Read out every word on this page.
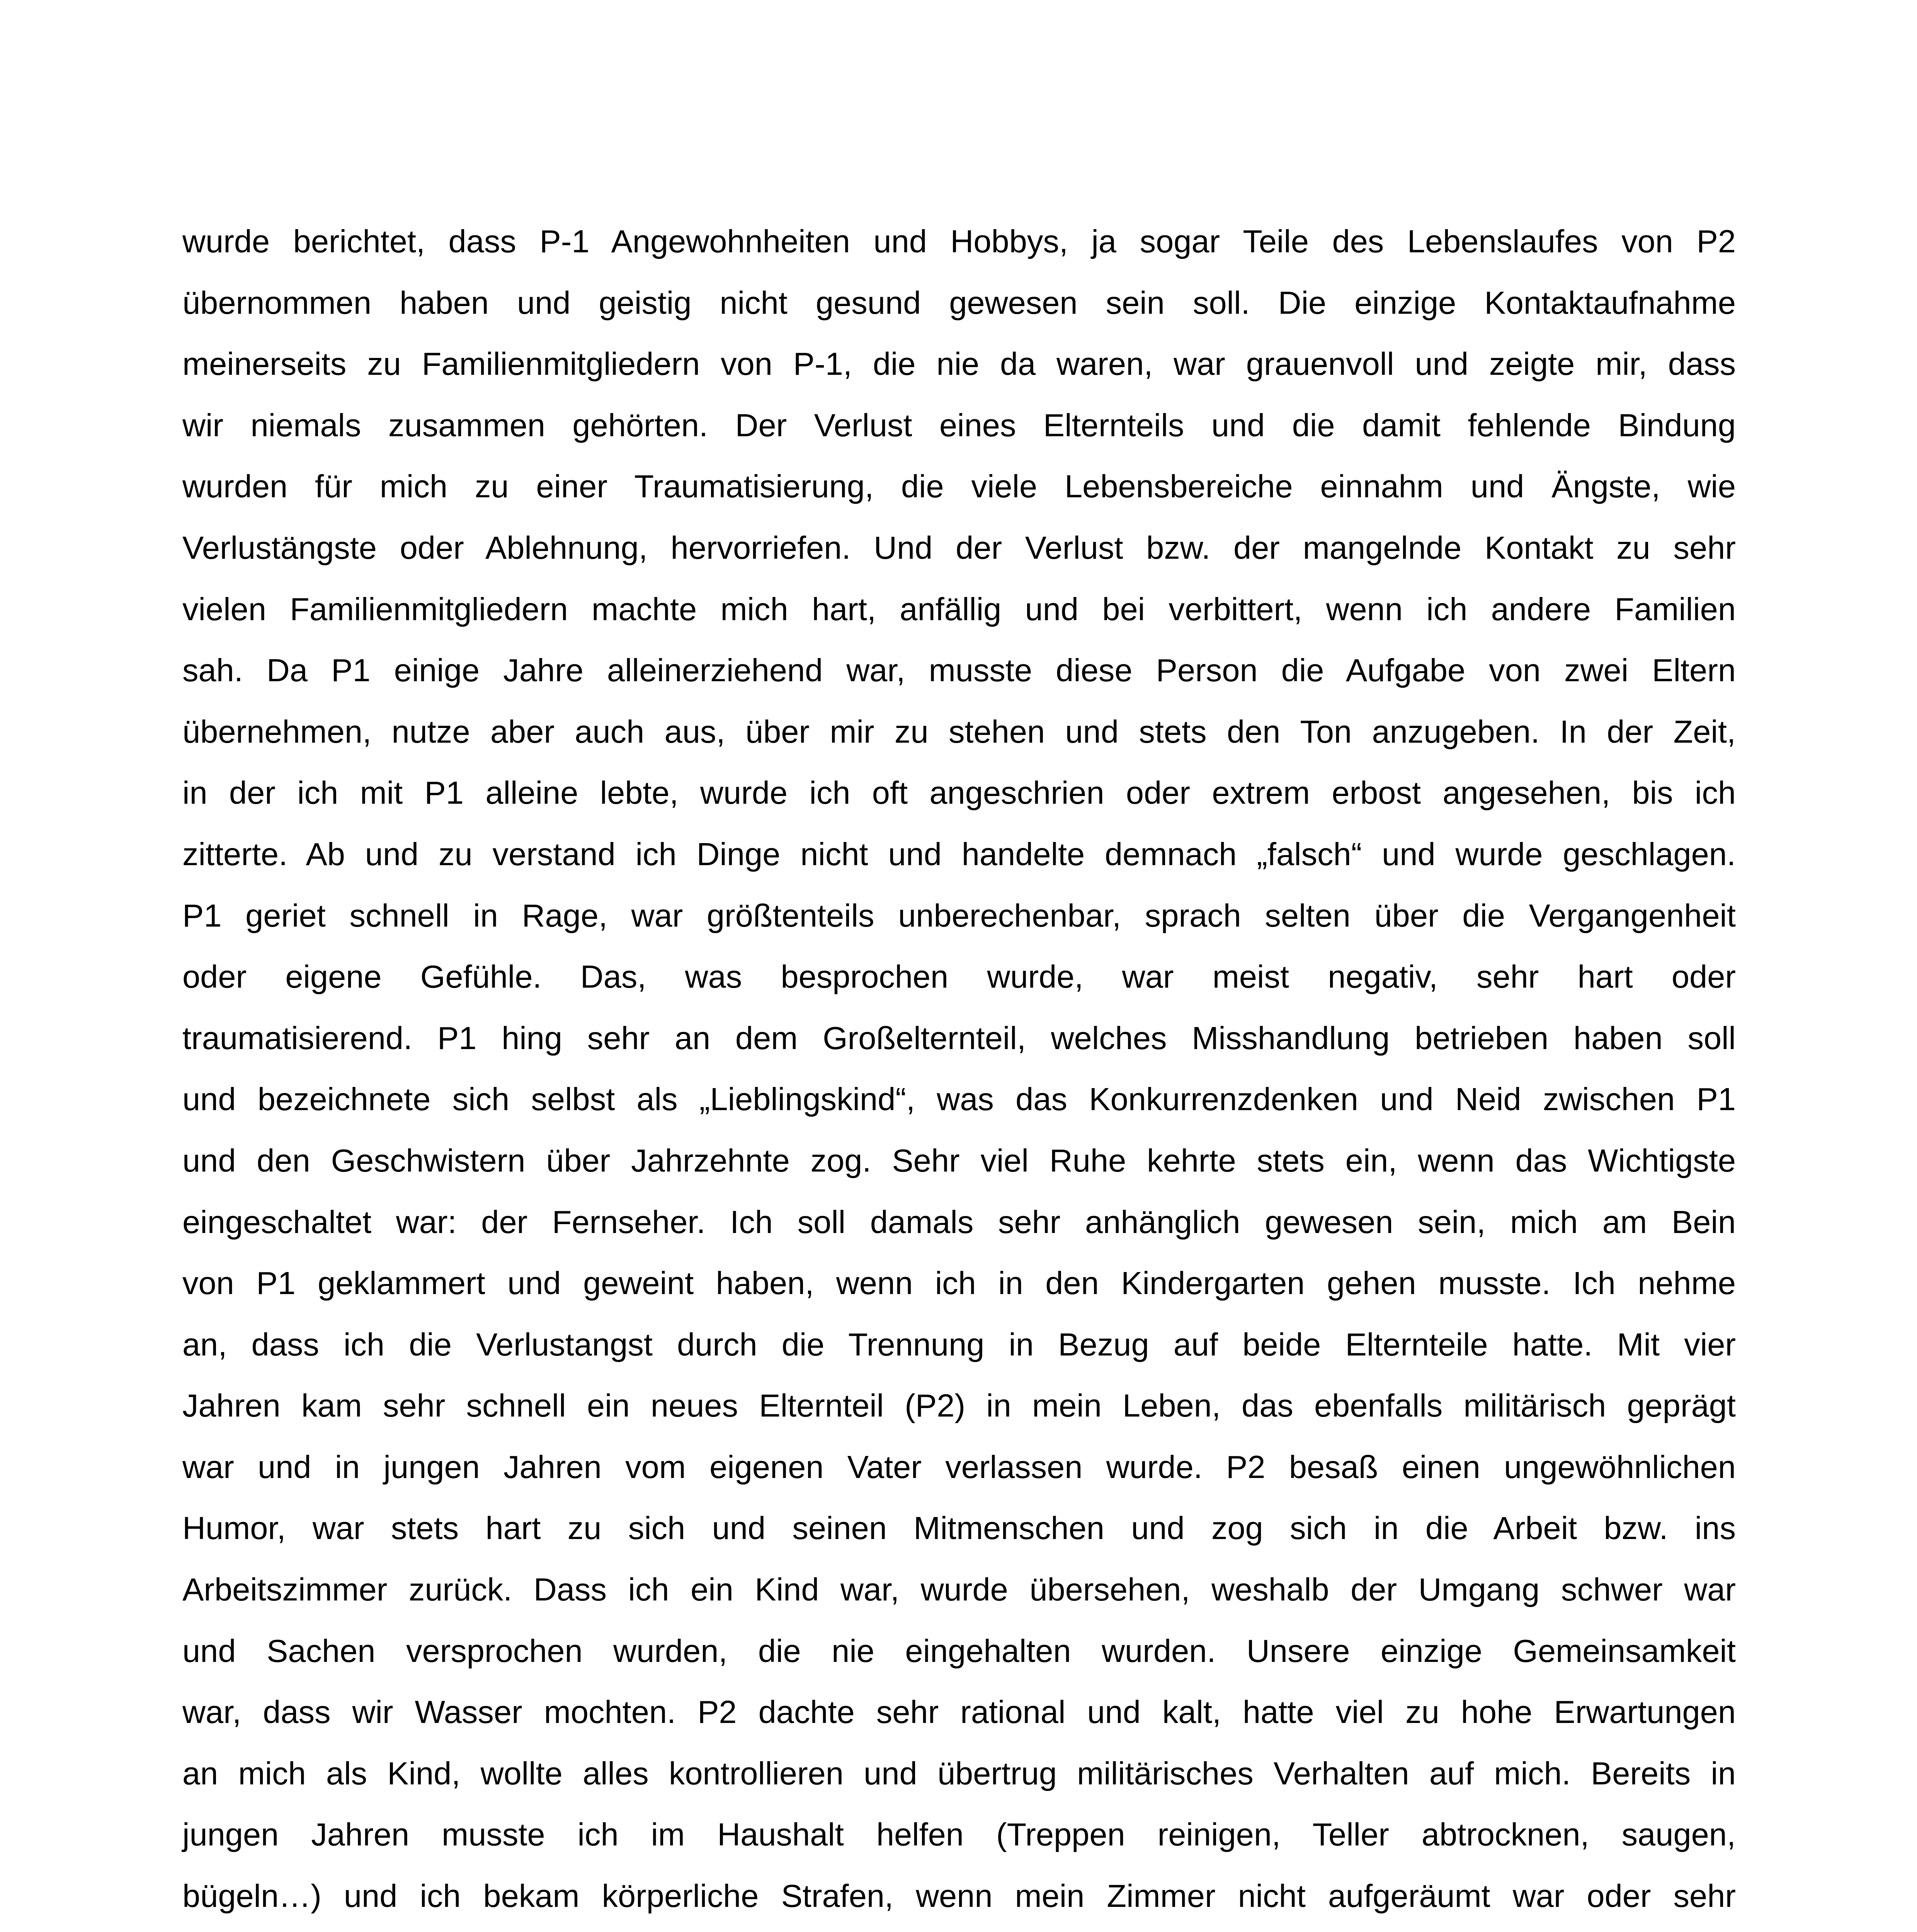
wurde berichtet, dass P-1 Angewohnheiten und Hobbys, ja sogar Teile des Lebenslaufes von P2
übernommen haben und geistig nicht gesund gewesen sein soll. Die einzige Kontaktaufnahme
meinerseits zu Familienmitgliedern von P-1, die nie da waren, war grauenvoll und zeigte mir, dass
wir niemals zusammen gehörten. Der Verlust eines Elternteils und die damit fehlende Bindung
wurden für mich zu einer Traumatisierung, die viele Lebensbereiche einnahm und Ängste, wie
Verlustängste oder Ablehnung, hervorriefen. Und der Verlust bzw. der mangelnde Kontakt zu sehr
vielen Familienmitgliedern machte mich hart, anfällig und bei verbittert, wenn ich andere Familien
sah. Da P1 einige Jahre alleinerziehend war, musste diese Person die Aufgabe von zwei Eltern
übernehmen, nutze aber auch aus, über mir zu stehen und stets den Ton anzugeben. In der Zeit,
in der ich mit P1 alleine lebte, wurde ich oft angeschrien oder extrem erbost angesehen, bis ich
zitterte. Ab und zu verstand ich Dinge nicht und handelte demnach „falsch“ und wurde geschlagen.
P1 geriet schnell in Rage, war größtenteils unberechenbar, sprach selten über die Vergangenheit
oder eigene Gefühle. Das, was besprochen wurde, war meist negativ, sehr hart oder
traumatisierend. P1 hing sehr an dem Großelternteil, welches Misshandlung betrieben haben soll
und bezeichnete sich selbst als „Lieblingskind“, was das Konkurrenzdenken und Neid zwischen P1
und den Geschwistern über Jahrzehnte zog. Sehr viel Ruhe kehrte stets ein, wenn das Wichtigste
eingeschaltet war: der Fernseher. Ich soll damals sehr anhänglich gewesen sein, mich am Bein
von P1 geklammert und geweint haben, wenn ich in den Kindergarten gehen musste. Ich nehme
an, dass ich die Verlustangst durch die Trennung in Bezug auf beide Elternteile hatte. Mit vier
Jahren kam sehr schnell ein neues Elternteil (P2) in mein Leben, das ebenfalls militärisch geprägt
war und in jungen Jahren vom eigenen Vater verlassen wurde. P2 besaß einen ungewöhnlichen
Humor, war stets hart zu sich und seinen Mitmenschen und zog sich in die Arbeit bzw. ins
Arbeitszimmer zurück. Dass ich ein Kind war, wurde übersehen, weshalb der Umgang schwer war
und Sachen versprochen wurden, die nie eingehalten wurden. Unsere einzige Gemeinsamkeit
war, dass wir Wasser mochten. P2 dachte sehr rational und kalt, hatte viel zu hohe Erwartungen
an mich als Kind, wollte alles kontrollieren und übertrug militärisches Verhalten auf mich. Bereits in
jungen Jahren musste ich im Haushalt helfen (Treppen reinigen, Teller abtrocknen, saugen,
bügeln…) und ich bekam körperliche Strafen, wenn mein Zimmer nicht aufgeräumt war oder sehr
